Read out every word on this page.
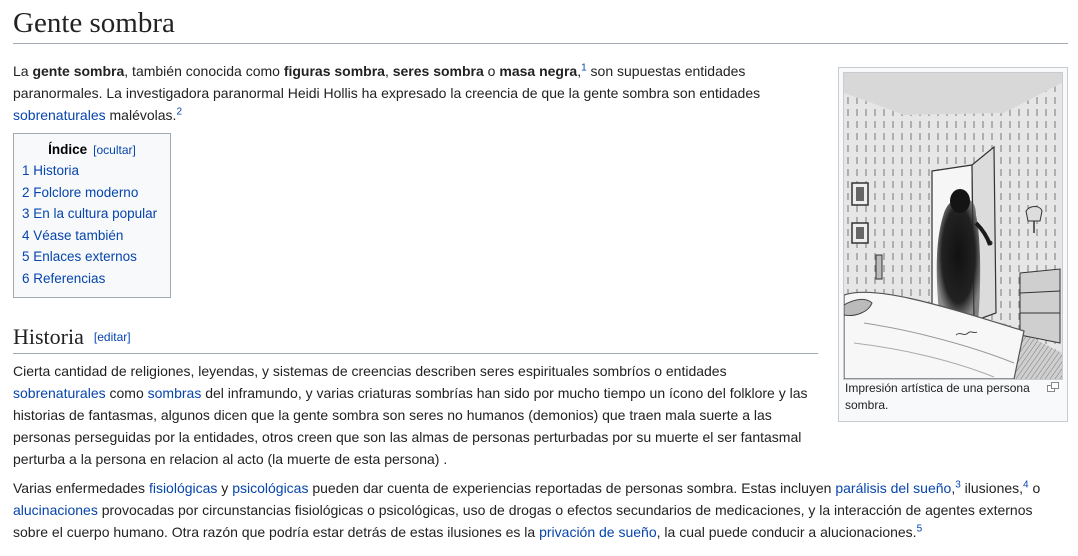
Gente sombra

La gente sombra, también conocida como figuras sombra, seres sombra o masa negra,$^1$ son supuestas entidades paranormales. La investigadora paranormal Heidi Hollis ha expresado la creencia de que la gente sombra son entidades sobrenaturales malévolas.$^2$

Índice [ocultar]
1 Historia
2 Folclore moderno
3 En la cultura popular
4 Véase también
5 Enlaces externos
6 Referencias
Historia [editar]

Cierta cantidad de religiones, leyendas, y sistemas de creencias describen seres espirituales sombríos o entidades sobrenaturales como sombras del inframundo, y varias criaturas sombrías han sido por mucho tiempo un ícono del folklore y las historias de fantasmas, algunos dicen que la gente sombra son seres no humanos (demonios) que traen mala suerte a las personas perseguidas por la entidades, otros creen que son las almas de personas perturbadas por su muerte el ser fantasmal perturba a la persona en relacion al acto (la muerte de esta persona) .

Varias enfermedades fisiológicas y psicológicas pueden dar cuenta de experiencias reportadas de personas sombra. Estas incluyen parálisis del sueño,$^3$ ilusiones,$^4$ o alucinaciones provocadas por circunstancias fisiológicas o psicológicas, uso de drogas o efectos secundarios de medicaciones, y la interacción de agentes externos sobre el cuerpo humano. Otra razón que podría estar detrás de estas ilusiones es la privación de sueño, la cual puede conducir a alucionaciones.$^5$

Impresión artística de una persona sombra.
